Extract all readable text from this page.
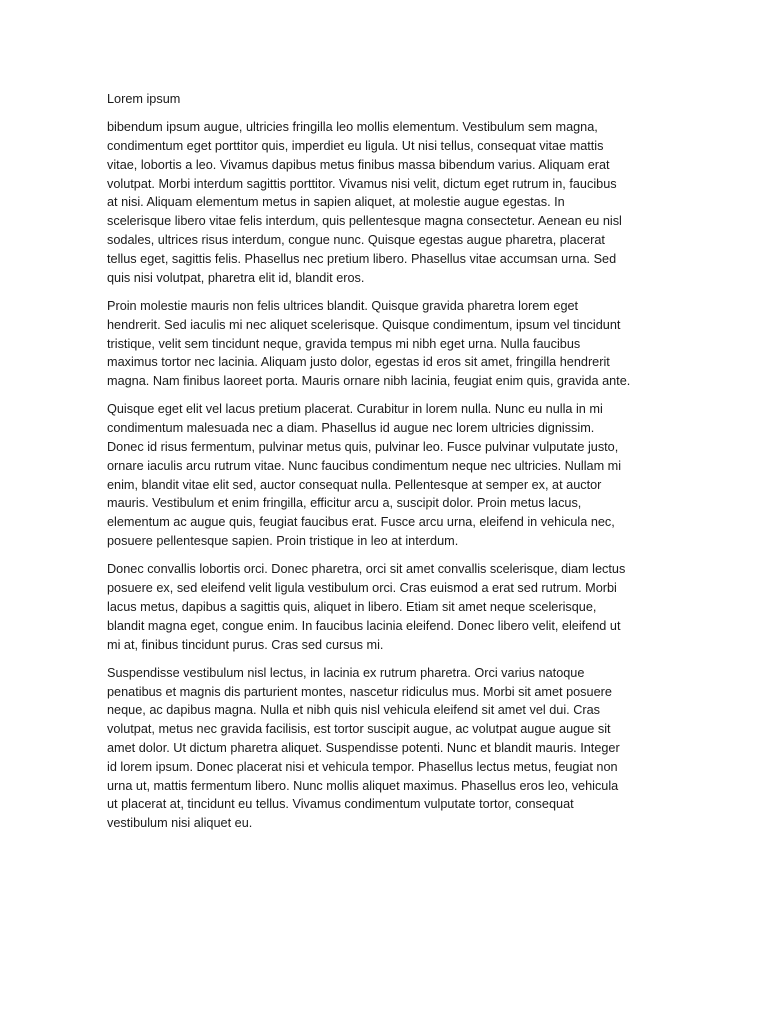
Lorem ipsum

bibendum ipsum augue, ultricies fringilla leo mollis elementum. Vestibulum sem magna,
condimentum eget porttitor quis, imperdiet eu ligula. Ut nisi tellus, consequat vitae mattis
vitae, lobortis a leo. Vivamus dapibus metus finibus massa bibendum varius. Aliquam erat
volutpat. Morbi interdum sagittis porttitor. Vivamus nisi velit, dictum eget rutrum in, faucibus
at nisi. Aliquam elementum metus in sapien aliquet, at molestie augue egestas. In
scelerisque libero vitae felis interdum, quis pellentesque magna consectetur. Aenean eu nisl
sodales, ultrices risus interdum, congue nunc. Quisque egestas augue pharetra, placerat
tellus eget, sagittis felis. Phasellus nec pretium libero. Phasellus vitae accumsan urna. Sed
quis nisi volutpat, pharetra elit id, blandit eros.

Proin molestie mauris non felis ultrices blandit. Quisque gravida pharetra lorem eget
hendrerit. Sed iaculis mi nec aliquet scelerisque. Quisque condimentum, ipsum vel tincidunt
tristique, velit sem tincidunt neque, gravida tempus mi nibh eget urna. Nulla faucibus
maximus tortor nec lacinia. Aliquam justo dolor, egestas id eros sit amet, fringilla hendrerit
magna. Nam finibus laoreet porta. Mauris ornare nibh lacinia, feugiat enim quis, gravida ante.

Quisque eget elit vel lacus pretium placerat. Curabitur in lorem nulla. Nunc eu nulla in mi
condimentum malesuada nec a diam. Phasellus id augue nec lorem ultricies dignissim.
Donec id risus fermentum, pulvinar metus quis, pulvinar leo. Fusce pulvinar vulputate justo,
ornare iaculis arcu rutrum vitae. Nunc faucibus condimentum neque nec ultricies. Nullam mi
enim, blandit vitae elit sed, auctor consequat nulla. Pellentesque at semper ex, at auctor
mauris. Vestibulum et enim fringilla, efficitur arcu a, suscipit dolor. Proin metus lacus,
elementum ac augue quis, feugiat faucibus erat. Fusce arcu urna, eleifend in vehicula nec,
posuere pellentesque sapien. Proin tristique in leo at interdum.

Donec convallis lobortis orci. Donec pharetra, orci sit amet convallis scelerisque, diam lectus
posuere ex, sed eleifend velit ligula vestibulum orci. Cras euismod a erat sed rutrum. Morbi
lacus metus, dapibus a sagittis quis, aliquet in libero. Etiam sit amet neque scelerisque,
blandit magna eget, congue enim. In faucibus lacinia eleifend. Donec libero velit, eleifend ut
mi at, finibus tincidunt purus. Cras sed cursus mi.

Suspendisse vestibulum nisl lectus, in lacinia ex rutrum pharetra. Orci varius natoque
penatibus et magnis dis parturient montes, nascetur ridiculus mus. Morbi sit amet posuere
neque, ac dapibus magna. Nulla et nibh quis nisl vehicula eleifend sit amet vel dui. Cras
volutpat, metus nec gravida facilisis, est tortor suscipit augue, ac volutpat augue augue sit
amet dolor. Ut dictum pharetra aliquet. Suspendisse potenti. Nunc et blandit mauris. Integer
id lorem ipsum. Donec placerat nisi et vehicula tempor. Phasellus lectus metus, feugiat non
urna ut, mattis fermentum libero. Nunc mollis aliquet maximus. Phasellus eros leo, vehicula
ut placerat at, tincidunt eu tellus. Vivamus condimentum vulputate tortor, consequat
vestibulum nisi aliquet eu.
